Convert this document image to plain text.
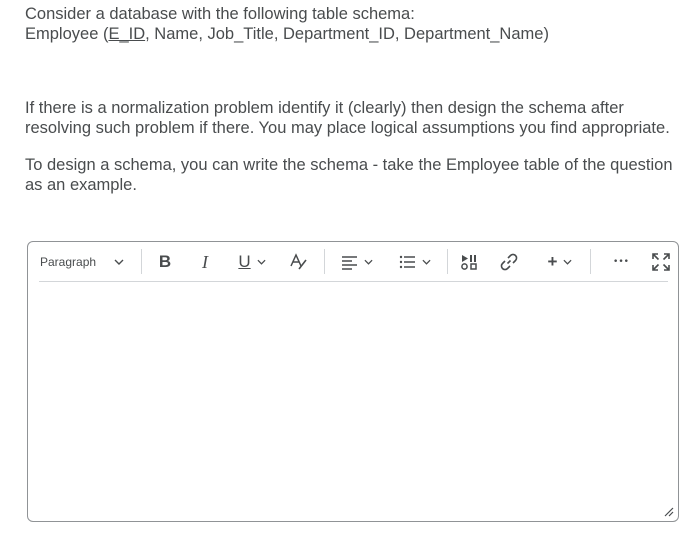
Consider a database with the following table schema:
Employee (E_ID, Name, Job_Title, Department_ID, Department_Name)

If there is a normalization problem identify it (clearly) then design the schema after resolving such problem if there. You may place logical assumptions you find appropriate.

To design a schema, you can write the schema - take the Employee table of the question as an example.

Paragraph	B I U	+	•••
